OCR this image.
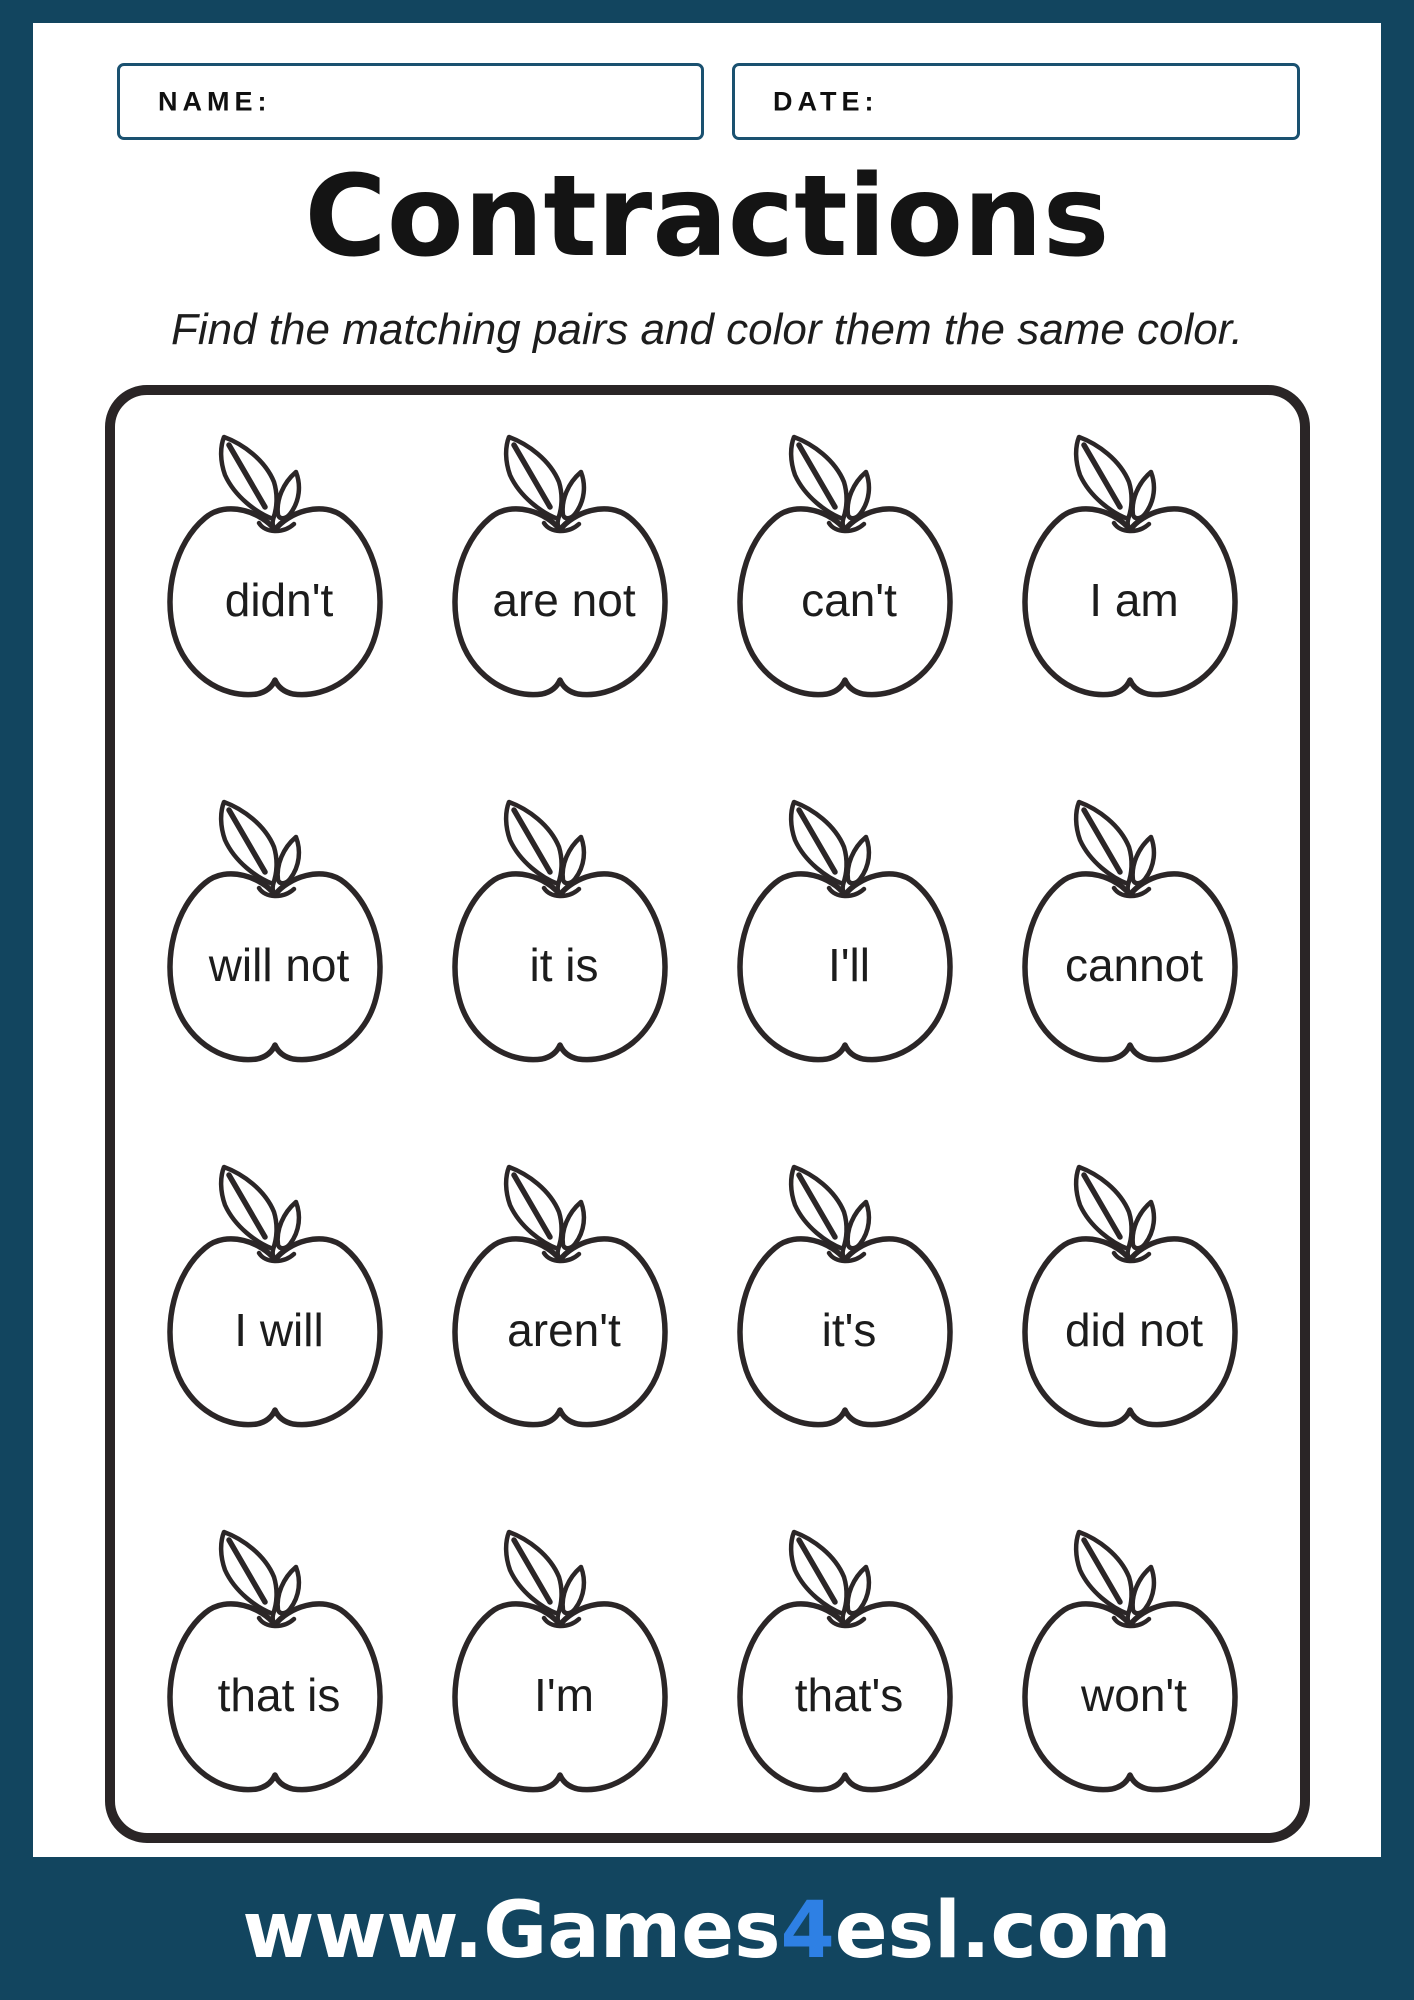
NAME:	DATE:
Contractions
Find the matching pairs and color them the same color.
didn't	are not	can't	I am
will not	it is	I'll	cannot
I will	aren't	it's	did not
that is	I'm	that's	won't
www.Games4esl.com
